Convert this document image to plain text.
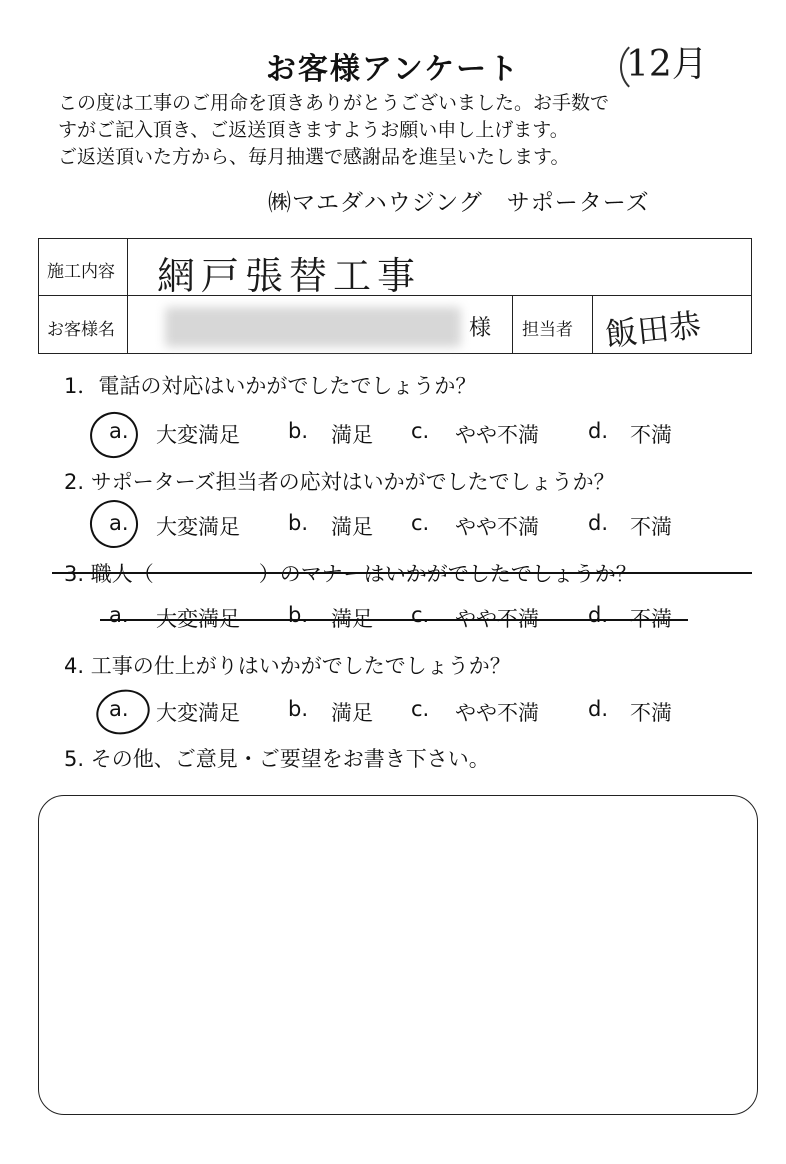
お客様アンケート	12月
この度は工事のご用命を頂きありがとうございました。お手数で
すがご記入頂き、ご返送頂きますようお願い申し上げます。
ご返送頂いた方から、毎月抽選で感謝品を進呈いたします。
㈱マエダハウジング　サポーターズ
施工内容 網戸張替工事
お客様名	様 担当者 飯田恭
1．電話の対応はいかがでしたでしょうか？
a. 大変満足 b. 満足 c. やや不満 d. 不満
2. サポーターズ担当者の応対はいかがでしたでしょうか？
a. 大変満足 b. 満足 c. やや不満 d. 不満
3. 職人（　　　　　）のマナーはいかがでしたでしょうか？
a. 大変満足 b. 満足 c. やや不満 d. 不満
4. 工事の仕上がりはいかがでしたでしょうか？
a. 大変満足 b. 満足 c. やや不満 d. 不満
5. その他、ご意見・ご要望をお書き下さい。
